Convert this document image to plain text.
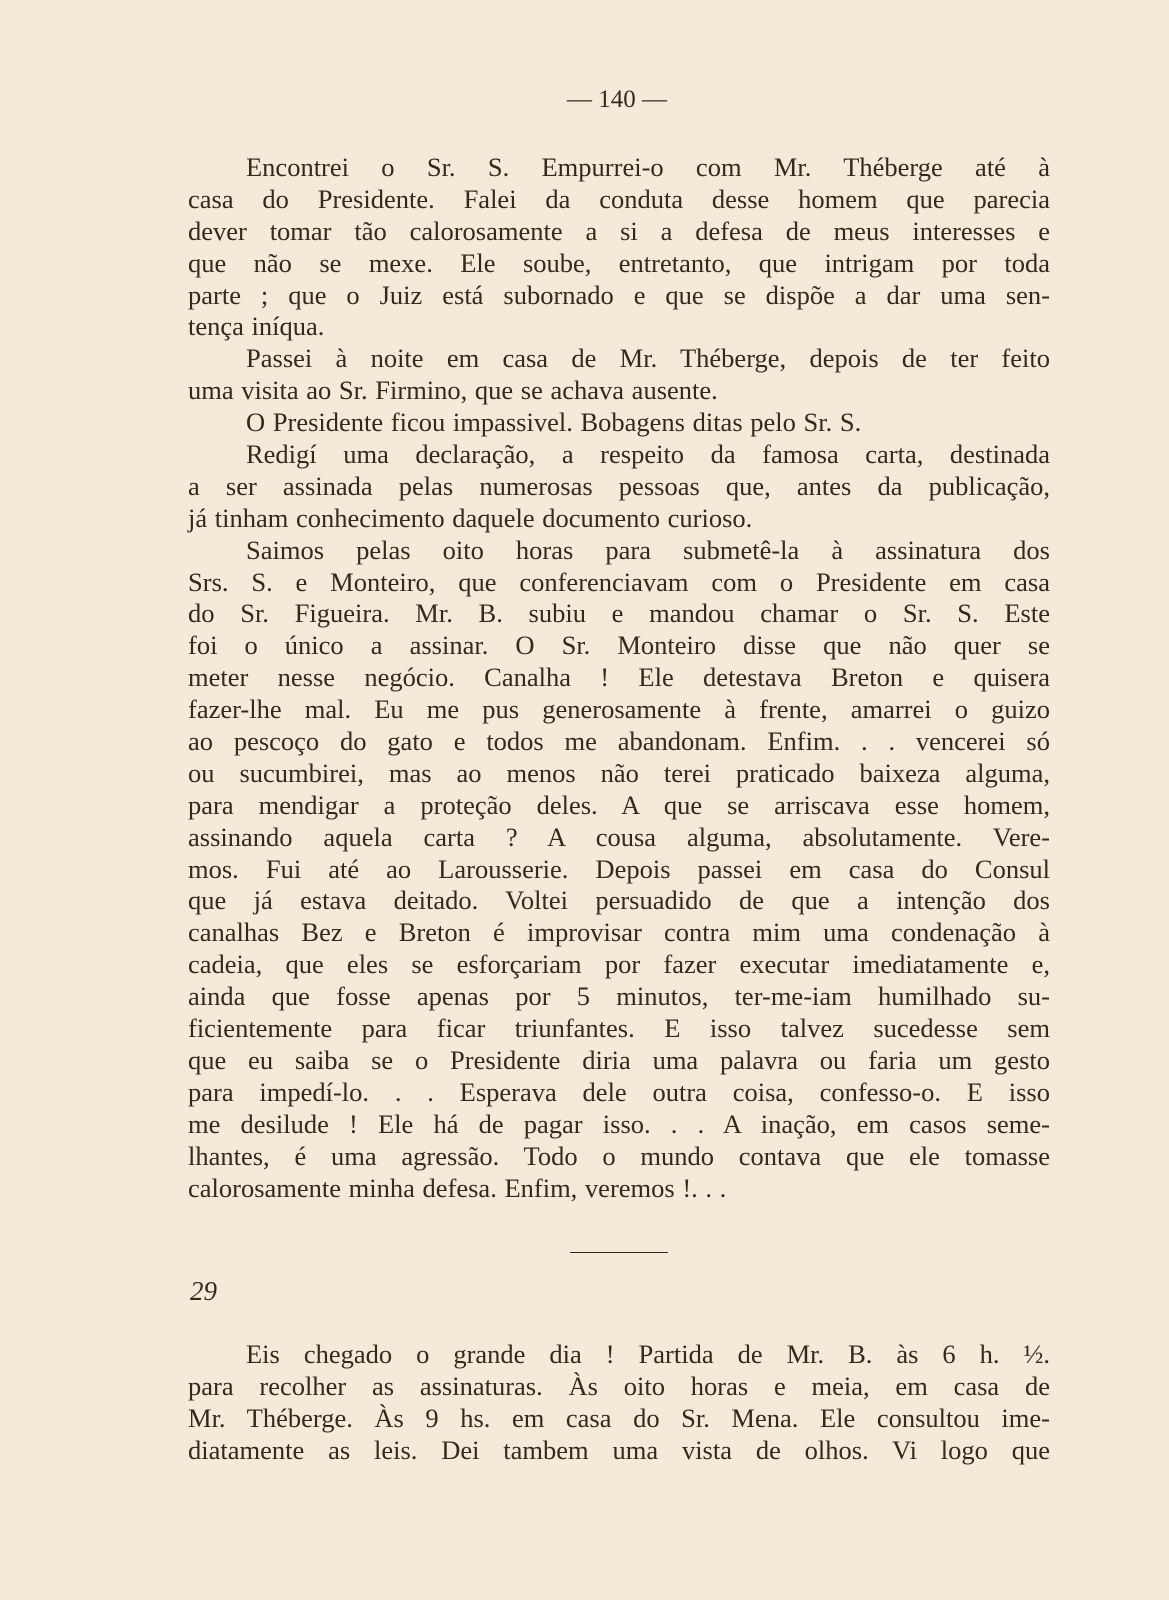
— 140 —
Encontrei o Sr. S. Empurrei-o com Mr. Théberge até à
casa do Presidente. Falei da conduta desse homem que parecia
dever tomar tão calorosamente a si a defesa de meus interesses e
que não se mexe. Ele soube, entretanto, que intrigam por toda
parte ; que o Juiz está subornado e que se dispõe a dar uma sen-
tença iníqua.
Passei à noite em casa de Mr. Théberge, depois de ter feito
uma visita ao Sr. Firmino, que se achava ausente.
O Presidente ficou impassivel. Bobagens ditas pelo Sr. S.
Redigí uma declaração, a respeito da famosa carta, destinada
a ser assinada pelas numerosas pessoas que, antes da publicação,
já tinham conhecimento daquele documento curioso.
Saimos pelas oito horas para submetê-la à assinatura dos
Srs. S. e Monteiro, que conferenciavam com o Presidente em casa
do Sr. Figueira. Mr. B. subiu e mandou chamar o Sr. S. Este
foi o único a assinar. O Sr. Monteiro disse que não quer se
meter nesse negócio. Canalha ! Ele detestava Breton e quisera
fazer-lhe mal. Eu me pus generosamente à frente, amarrei o guizo
ao pescoço do gato e todos me abandonam. Enfim. . . vencerei só
ou sucumbirei, mas ao menos não terei praticado baixeza alguma,
para mendigar a proteção deles. A que se arriscava esse homem,
assinando aquela carta ? A cousa alguma, absolutamente. Vere-
mos. Fui até ao Larousserie. Depois passei em casa do Consul
que já estava deitado. Voltei persuadido de que a intenção dos
canalhas Bez e Breton é improvisar contra mim uma condenação à
cadeia, que eles se esforçariam por fazer executar imediatamente e,
ainda que fosse apenas por 5 minutos, ter-me-iam humilhado su-
ficientemente para ficar triunfantes. E isso talvez sucedesse sem
que eu saiba se o Presidente diria uma palavra ou faria um gesto
para impedí-lo. . . Esperava dele outra coisa, confesso-o. E isso
me desilude ! Ele há de pagar isso. . . A inação, em casos seme-
lhantes, é uma agressão. Todo o mundo contava que ele tomasse
calorosamente minha defesa. Enfim, veremos !. . .
29
Eis chegado o grande dia ! Partida de Mr. B. às 6 h. ½.
para recolher as assinaturas. Às oito horas e meia, em casa de
Mr. Théberge. Às 9 hs. em casa do Sr. Mena. Ele consultou ime-
diatamente as leis. Dei tambem uma vista de olhos. Vi logo que
